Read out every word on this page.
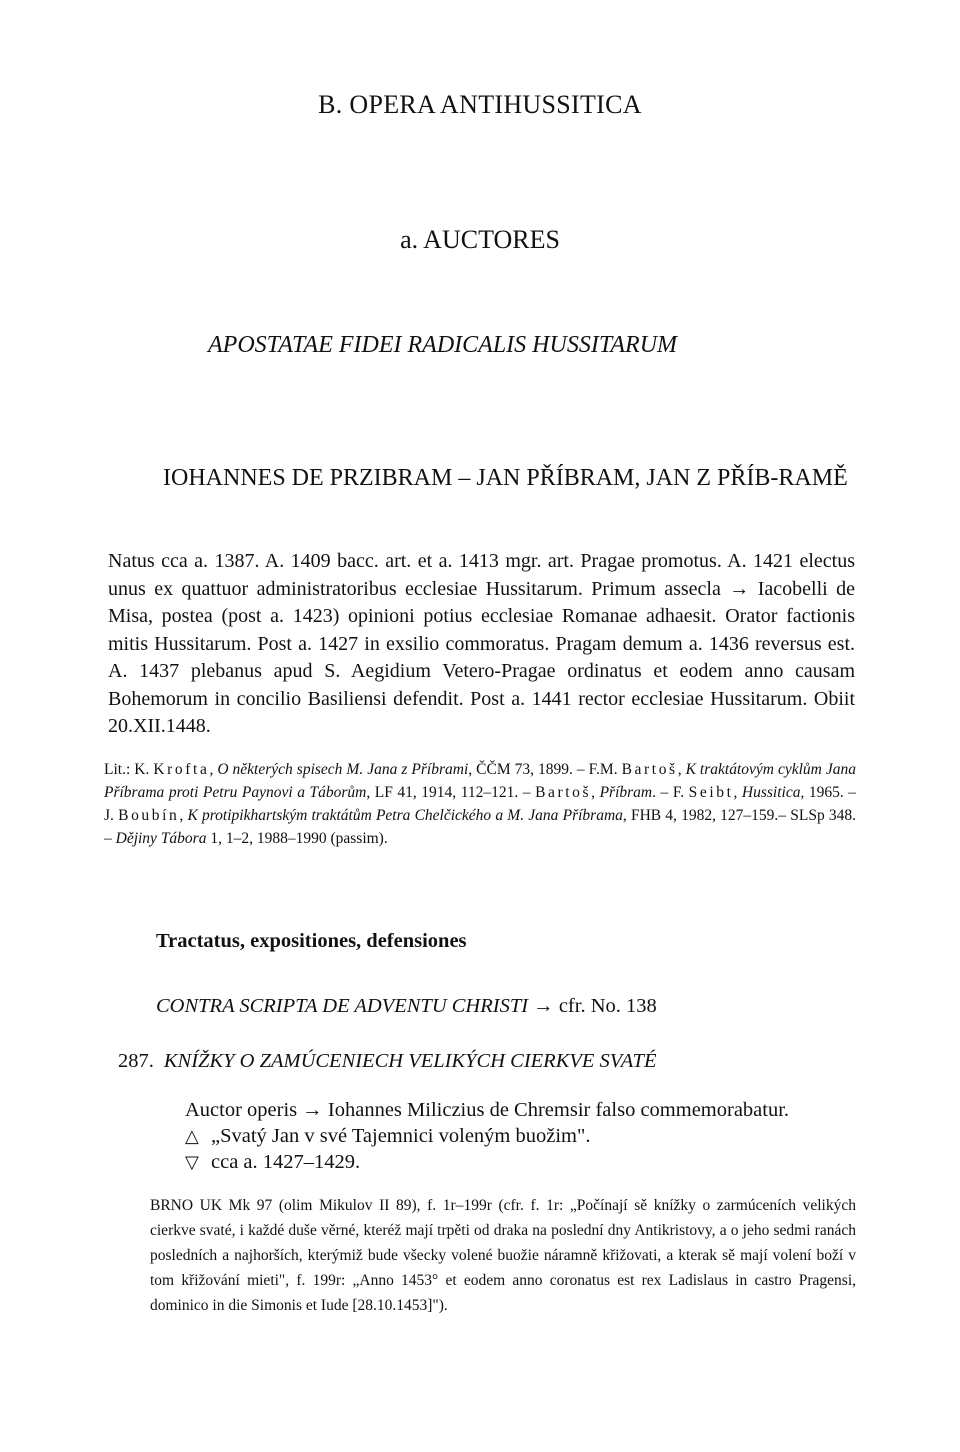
B. OPERA ANTIHUSSITICA
a. AUCTORES
APOSTATAE FIDEI RADICALIS HUSSITARUM
IOHANNES DE PRZIBRAM – JAN PŘÍBRAM, JAN Z PŘÍB-RAMĚ
Natus cca a. 1387. A. 1409 bacc. art. et a. 1413 mgr. art. Pragae promotus. A. 1421 electus unus ex quattuor administratoribus ecclesiae Hussitarum. Primum assecla → Iacobelli de Misa, postea (post a. 1423) opinioni potius ecclesiae Romanae adhaesit. Orator factionis mitis Hussitarum. Post a. 1427 in exsilio commoratus. Pragam demum a. 1436 reversus est. A. 1437 plebanus apud S. Aegidium Vetero-Pragae ordinatus et eodem anno causam Bohemorum in concilio Basiliensi defendit. Post a. 1441 rector ecclesiae Hussitarum. Obiit 20.XII.1448.
Lit.: K. Krofta, O některých spisech M. Jana z Příbrami, ČČM 73, 1899. – F.M. Bartoš, K traktátovým cyklům Jana Příbrama proti Petru Paynovi a Táborům, LF 41, 1914, 112–121. – Bartoš, Příbram. – F. Seibt, Hussitica, 1965. – J. Boubín, K protipikhartským traktátům Petra Chelčického a M. Jana Příbrama, FHB 4, 1982, 127–159.– SLSp 348. – Dějiny Tábora 1, 1–2, 1988–1990 (passim).
Tractatus, expositiones, defensiones
CONTRA SCRIPTA DE ADVENTU CHRISTI → cfr. No. 138
287. KNÍŽKY O ZAMÚCENIECH VELIKÝCH CIERKVE SVATÉ
Auctor operis → Iohannes Miliczius de Chremsir falso commemorabatur.
△ „Svatý Jan v své Tajemnici voleným buožim".
▽ cca a. 1427–1429.
BRNO UK Mk 97 (olim Mikulov II 89), f. 1r–199r (cfr. f. 1r: „Počínají sě knížky o zarmúceních velikých cierkve svaté, i každé duše věrné, kteréž mají trpěti od draka na poslední dny Antikristovy, a o jeho sedmi ranách posledních a najhorších, kterýmiž bude všecky volené buožie náramně křižovati, a kterak sě mají volení boží v tom křižování mieti", f. 199r: „Anno 1453° et eodem anno coronatus est rex Ladislaus in castro Pragensi, dominico in die Simonis et Iude [28.10.1453]").
